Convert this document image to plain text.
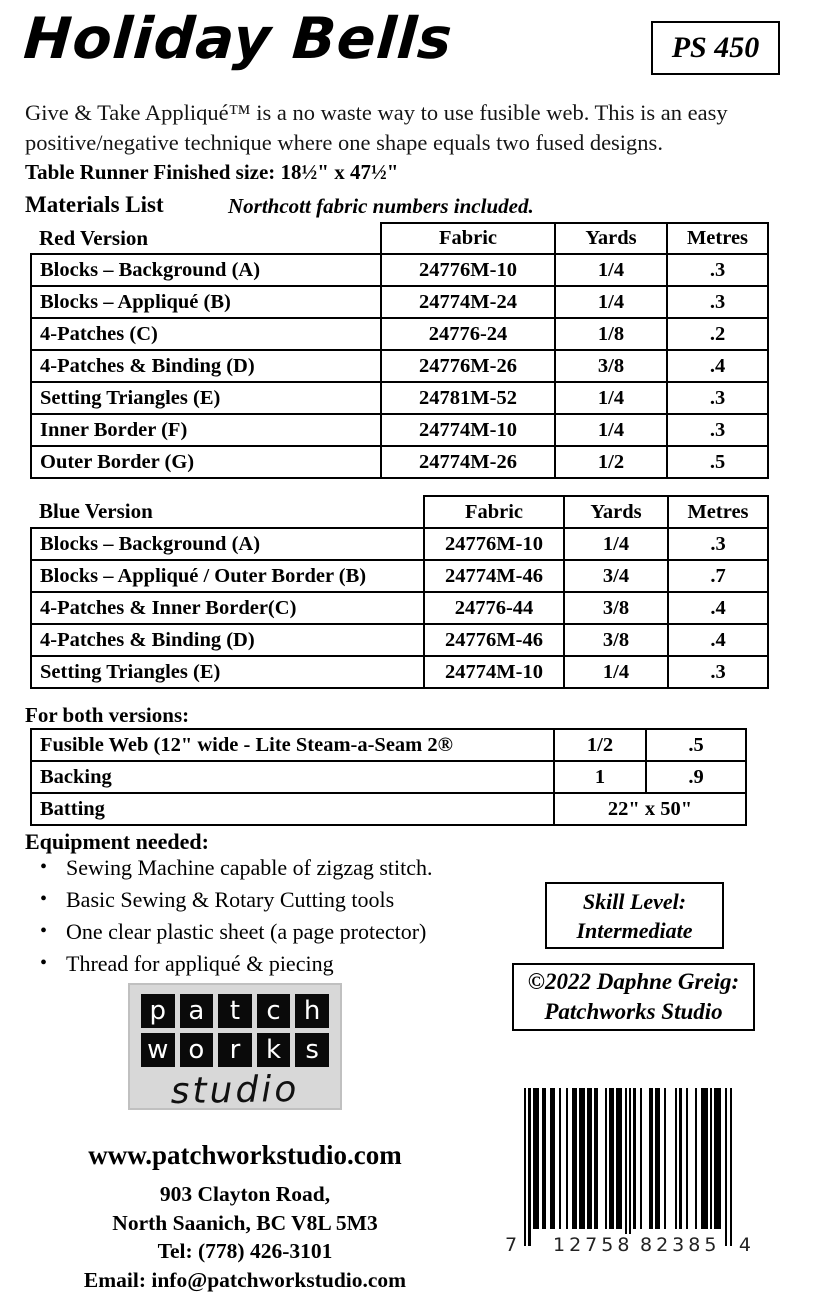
Holiday Bells	PS 450
Give & Take Appliqué™ is a no waste way to use fusible web. This is an easy positive/negative technique where one shape equals two fused designs.
Table Runner Finished size: 18½" x 47½"
Materials List	Northcott fabric numbers included.
Red Version	Fabric	Yards	Metres
Blocks – Background (A)	24776M-10	1/4	.3
Blocks – Appliqué (B)	24774M-24	1/4	.3
4-Patches (C)	24776-24	1/8	.2
4-Patches & Binding (D)	24776M-26	3/8	.4
Setting Triangles (E)	24781M-52	1/4	.3
Inner Border (F)	24774M-10	1/4	.3
Outer Border (G)	24774M-26	1/2	.5
Blue Version	Fabric	Yards	Metres
Blocks – Background (A)	24776M-10	1/4	.3
Blocks – Appliqué / Outer Border (B)	24774M-46	3/4	.7
4-Patches & Inner Border(C)	24776-44	3/8	.4
4-Patches & Binding (D)	24776M-46	3/8	.4
Setting Triangles (E)	24774M-10	1/4	.3
For both versions:
Fusible Web (12" wide - Lite Steam-a-Seam 2®	1/2	.5
Backing	1	.9
Batting	22" x 50"	
Equipment needed:
• Sewing Machine capable of zigzag stitch.
• Basic Sewing & Rotary Cutting tools
• One clear plastic sheet (a page protector)
• Thread for appliqué & piecing
Skill Level:
Intermediate
©2022 Daphne Greig:
Patchworks Studio
p a t	c h
w o r k s
studio
www.patchworkstudio.com
903 Clayton Road,
North Saanich, BC V8L 5M3
Tel: (778) 426-3101
Email: info@patchworkstudio.com
7 12758 82385 4
